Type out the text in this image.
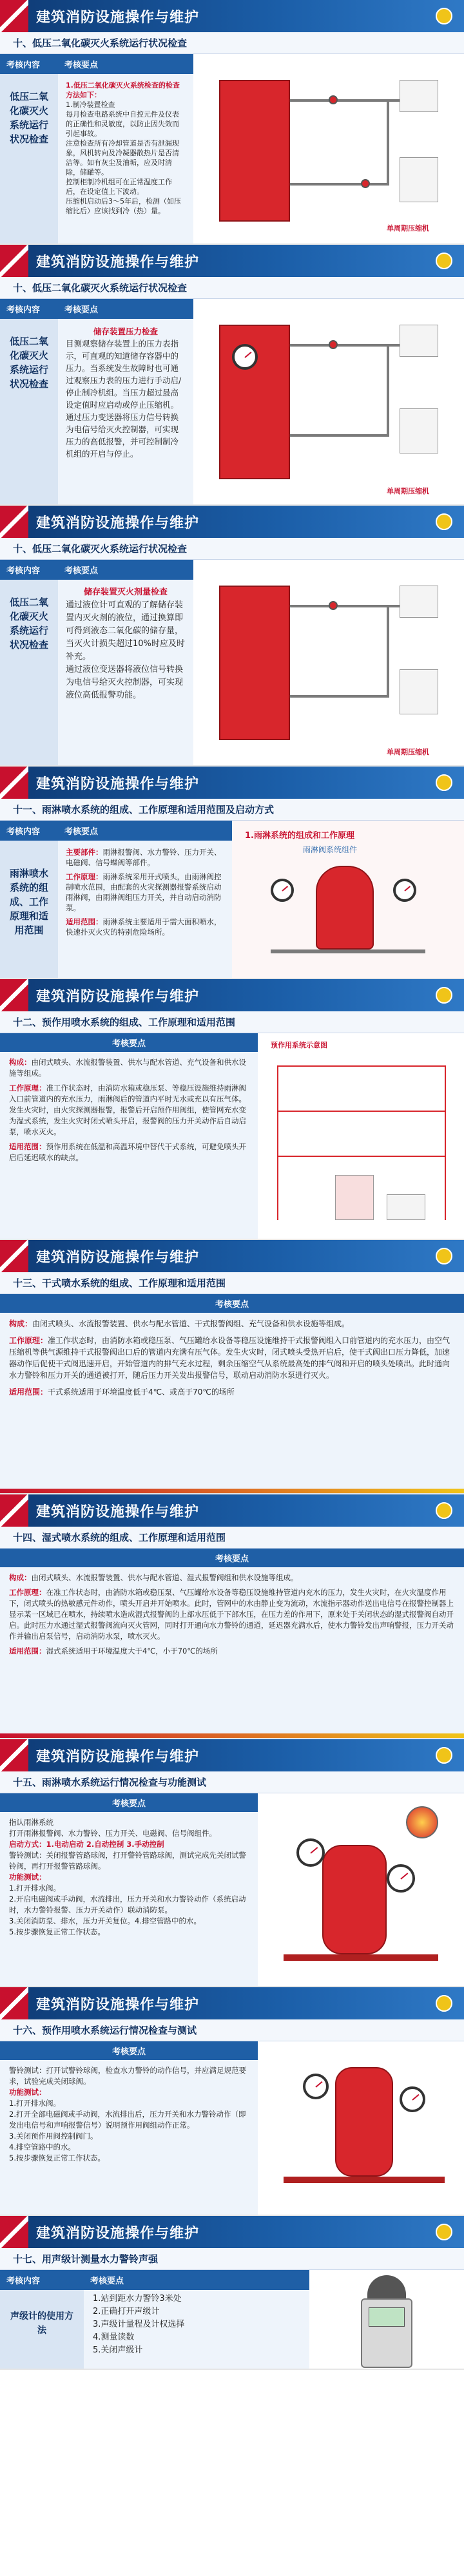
建筑消防设施操作与维护
十、低压二氧化碳灭火系统运行状况检查
考核内容	考核要点
低压二氧化碳灭火系统运行状况检查
1.低压二氧化碳灭火系统检查的检查方法如下：
1.制冷装置检查
每月检查电路系统中自控元件及仪表的正确性和灵敏度，以防止因失效而引起事故。
注意检查所有冷却管道是否有泄漏现象，风机转向及冷凝器散热片是否清洁等。如有灰尘及油垢，应及时清除，储罐等。
控制柜制冷机组可在正常温度工作后，在设定值上下波动。
压缩机启动后3～5年后，检测（如压缩比后）应该找到冷（热）量。
单周期压缩机
建筑消防设施操作与维护
十、低压二氧化碳灭火系统运行状况检查
考核内容	考核要点
低压二氧化碳灭火系统运行状况检查
储存装置压力检查
目测观察储存装置上的压力表指示，可直观的知道储存容器中的压力。当系统发生故障时也可通过观察压力表的压力进行手动启/停止制冷机组。当压力超过最高设定值时应启动或停止压缩机。
通过压力变送器将压力信号转换为电信号给灭火控制器，可实现压力的高低报警，并可控制制冷机组的开启与停止。
单周期压缩机
建筑消防设施操作与维护
十、低压二氧化碳灭火系统运行状况检查
考核内容	考核要点
低压二氧化碳灭火系统运行状况检查
储存装置灭火剂量检查
通过液位计可直观的了解储存装置内灭火剂的液位，通过换算即可得到液态二氧化碳的储存量，当灭火计损失超过10%时应及时补充。
通过液位变送器将液位信号转换为电信号给灭火控制器，可实现液位高低报警功能。
单周期压缩机
建筑消防设施操作与维护
十一、雨淋喷水系统的组成、工作原理和适用范围及启动方式
考核内容	考核要点
雨淋喷水系统的组成、工作原理和适用范围
主要部件：雨淋报警阀、水力警铃、压力开关、电磁阀、信号蝶阀等部件。
工作原理：雨淋系统采用开式喷头，由雨淋阀控制喷水范围，由配套的火灾探测器报警系统启动雨淋阀，由雨淋阀组压力开关，并自动启动消防泵。
适用范围：雨淋系统主要适用于需大面积喷水，快速扑灭火灾的特别危险场所。
1.雨淋系统的组成和工作原理
雨淋阀系统组件
建筑消防设施操作与维护
十二、预作用喷水系统的组成、工作原理和适用范围
考核要点
构成：由闭式喷头、水流报警装置、供水与配水管道、充气设备和供水设施等组成。
工作原理：准工作状态时，由消防水箱或稳压泵、等稳压设施维持雨淋阀入口前管道内的充水压力，雨淋阀后的管道内平时无水或充以有压气体。发生火灾时，由火灾探测器报警，报警后开启预作用阀组，使管网充水变为湿式系统，发生火灾时闭式喷头开启，报警阀的压力开关动作后自动启泵，喷水灭火。
适用范围：预作用系统在低温和高温环境中替代干式系统，可避免喷头开启后延迟喷水的缺点。
预作用系统示意图
建筑消防设施操作与维护
十三、干式喷水系统的组成、工作原理和适用范围
考核要点
构成：由闭式喷头、水流报警装置、供水与配水管道、干式报警阀组、充气设备和供水设施等组成。
工作原理：准工作状态时，由消防水箱或稳压泵、气压罐给水设备等稳压设施维持干式报警阀组入口前管道内的充水压力，由空气压缩机等供气源维持干式报警阀出口后的管道内充满有压气体。发生火灾时，闭式喷头受热开启后，使干式阀出口压力降低，加速器动作后促使干式阀迅速开启，开始管道内的排气充水过程，剩余压缩空气从系统最高处的排气阀和开启的喷头处喷出。此时通向水力警铃和压力开关的通道被打开，随后压力开关发出报警信号，联动启动消防水泵进行灭火。
适用范围：干式系统适用于环境温度低于4℃、或高于70℃的场所
建筑消防设施操作与维护
十四、湿式喷水系统的组成、工作原理和适用范围
考核要点
构成：由闭式喷头、水流报警装置、供水与配水管道、湿式报警阀组和供水设施等组成。
工作原理：在准工作状态时，由消防水箱或稳压泵、气压罐给水设备等稳压设施维持管道内充水的压力，发生火灾时，在火灾温度作用下，闭式喷头的热敏感元件动作，喷头开启并开始喷水。此时，管网中的水由静止变为流动，水流指示器动作送出电信号在报警控制器上显示某一区域已在喷水，持续喷水造成湿式报警阀的上部水压低于下部水压，在压力差的作用下，原来处于关闭状态的湿式报警阀自动开启。此时压力水通过湿式报警阀流向灭火管网，同时打开通向水力警铃的通道，延迟器充满水后，使水力警铃发出声响警报，压力开关动作并输出启泵信号，启动消防水泵，喷水灭火。
适用范围：湿式系统适用于环境温度大于4℃，小于70℃的场所
建筑消防设施操作与维护
十五、雨淋喷水系统运行情况检查与功能测试
考核要点
指认雨淋系统
打开雨淋报警阀、水力警铃、压力开关、电磁阀、信号阀组件。
启动方式：1.电动启动 2.自动控制 3.手动控制
警铃测试：关闭报警管路球阀，打开警铃管路球阀，测试完成先关闭试警铃阀，再打开报警管路球阀。
功能测试：
1.打开排水阀。
2.开启电磁阀或手动阀，水流排出，压力开关和水力警铃动作（系统启动时，水力警铃报警、压力开关动作）联动消防泵。
3.关闭消防泵、排水，压力开关复位。4.排空管路中的水。
5.按步骤恢复正常工作状态。
建筑消防设施操作与维护
十六、预作用喷水系统运行情况检查与测试
考核要点
警铃测试：打开试警铃球阀，检查水力警铃的动作信号，并应满足规范要求，试验完成关闭球阀。
功能测试：
1.打开排水阀。
2.打开全部电磁阀或手动阀，水流排出后，压力开关和水力警铃动作（即发出电信号和声响报警信号）说明预作用阀组动作正常。
3.关闭预作用阀控制阀门。
4.排空管路中的水。
5.按步骤恢复正常工作状态。
建筑消防设施操作与维护
十七、用声级计测量水力警铃声强
考核内容	考核要点
声级计的使用方法
1.站到距水力警铃3米处
2.正确打开声级计
3.声级计量程及计权选择
4.测量读数
5.关闭声级计
